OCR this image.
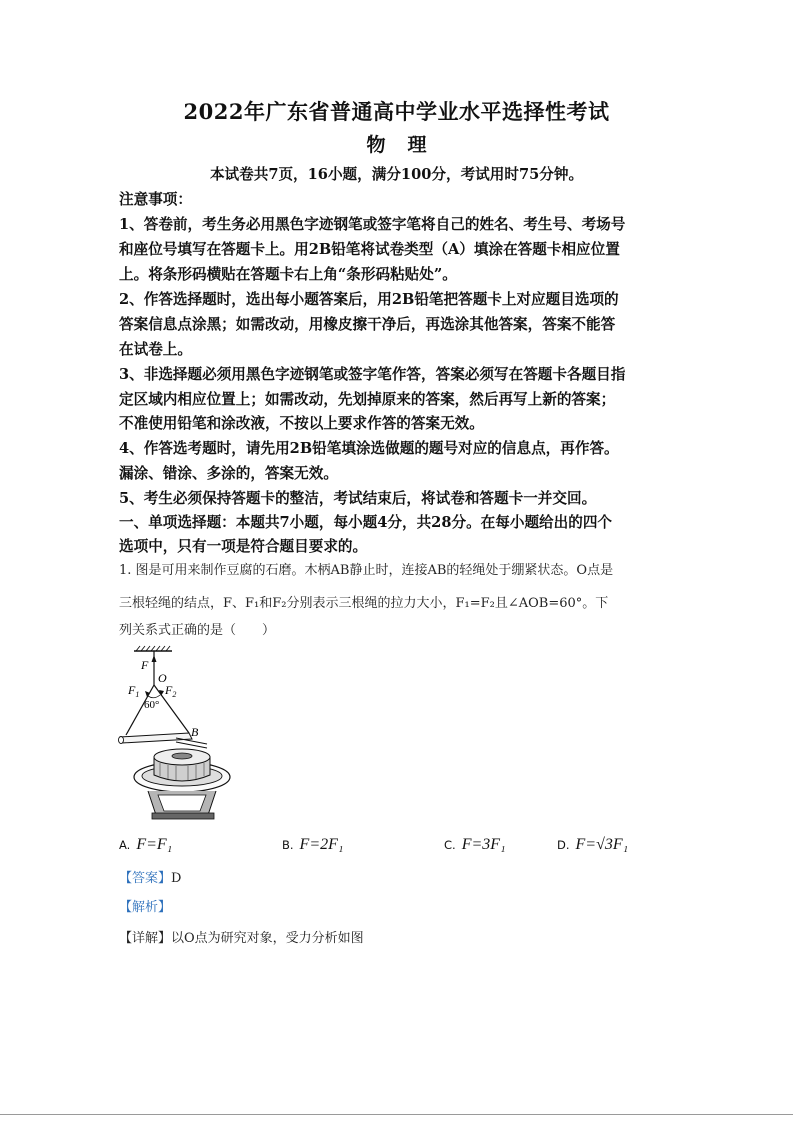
2022年广东省普通高中学业水平选择性考试
物理
本试卷共7页，16小题，满分100分，考试用时75分钟。
注意事项：
1、答卷前，考生务必用黑色字迹钢笔或签字笔将自己的姓名、考生号、考场号
和座位号填写在答题卡上。用2B铅笔将试卷类型（A）填涂在答题卡相应位置
上。将条形码横贴在答题卡右上角“条形码粘贴处”。
2、作答选择题时，选出每小题答案后，用2B铅笔把答题卡上对应题目选项的
答案信息点涂黑；如需改动，用橡皮擦干净后，再选涂其他答案，答案不能答
在试卷上。
3、非选择题必须用黑色字迹钢笔或签字笔作答，答案必须写在答题卡各题目指
定区域内相应位置上；如需改动，先划掉原来的答案，然后再写上新的答案；
不准使用铅笔和涂改液，不按以上要求作答的答案无效。
4、作答选考题时，请先用2B铅笔填涂选做题的题号对应的信息点，再作答。
漏涂、错涂、多涂的，答案无效。
5、考生必须保持答题卡的整洁，考试结束后，将试卷和答题卡一并交回。
一、单项选择题：本题共7小题，每小题4分，共28分。在每小题给出的四个
选项中，只有一项是符合题目要求的。
1. 图是可用来制作豆腐的石磨。木柄AB静止时，连接AB的轻绳处于绷紧状态。O点是
三根轻绳的结点，F、F₁和F₂分别表示三根绳的拉力大小，F₁=F₂且∠AOB=60°。下
列关系式正确的是（　　）
F
O
$F_1$ $F_2$
60°
B
A. F=F₁	B. F=2F₁	C. F=3F₁	D. F=√3F₁
【答案】D
【解析】
【详解】以O点为研究对象，受力分析如图
